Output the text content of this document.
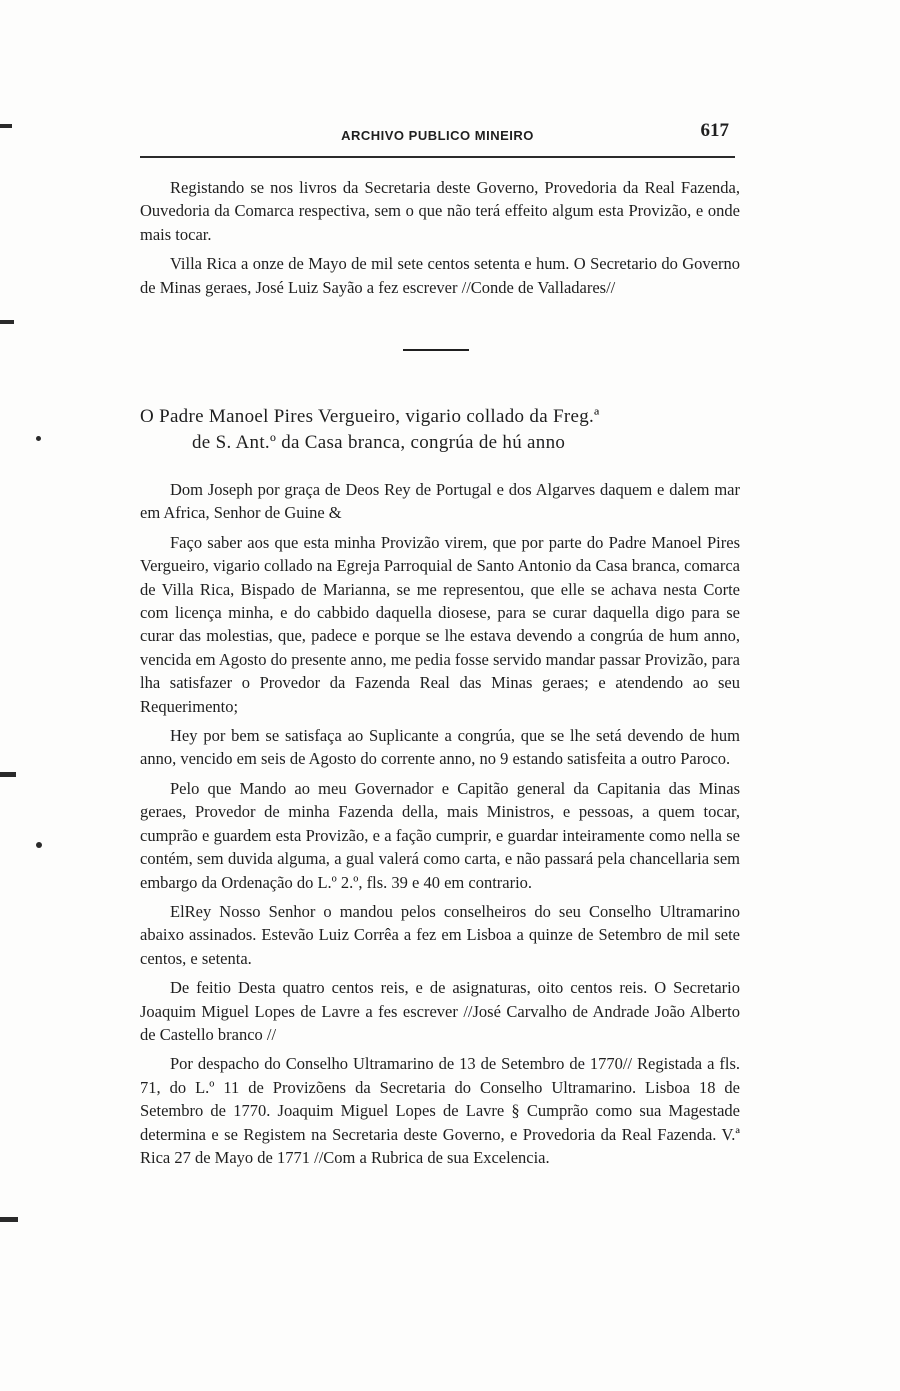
ARCHIVO PUBLICO MINEIRO	617

Registando se nos livros da Secretaria deste Governo, Provedoria da Real Fazenda, Ouvedoria da Comarca respectiva, sem o que não terá effeito algum esta Provizão, e onde mais tocar.

Villa Rica a onze de Mayo de mil sete centos setenta e hum. O Secretario do Governo de Minas geraes, José Luiz Sayão a fez escrever //Conde de Valladares//

O Padre Manoel Pires Vergueiro, vigario collado da Freg.ª
de S. Ant.º da Casa branca, congrúa de hú anno

Dom Joseph por graça de Deos Rey de Portugal e dos Algarves daquem e dalem mar em Africa, Senhor de Guine &

Faço saber aos que esta minha Provizão virem, que por parte do Padre Manoel Pires Vergueiro, vigario collado na Egreja Parroquial de Santo Antonio da Casa branca, comarca de Villa Rica, Bispado de Marianna, se me representou, que elle se achava nesta Corte com licença minha, e do cabbido daquella diosese, para se curar daquella digo para se curar das molestias, que, padece e porque se lhe estava devendo a congrúa de hum anno, vencida em Agosto do presente anno, me pedia fosse servido mandar passar Provizão, para lha satisfazer o Provedor da Fazenda Real das Minas geraes; e atendendo ao seu Requerimento;

Hey por bem se satisfaça ao Suplicante a congrúa, que se lhe setá devendo de hum anno, vencido em seis de Agosto do corrente anno, no 9 estando satisfeita a outro Paroco.

Pelo que Mando ao meu Governador e Capitão general da Capitania das Minas geraes, Provedor de minha Fazenda della, mais Ministros, e pessoas, a quem tocar, cumprão e guardem esta Provizão, e a fação cumprir, e guardar inteiramente como nella se contém, sem duvida alguma, a gual valerá como carta, e não passará pela chancellaria sem embargo da Ordenação do L.º 2.º, fls. 39 e 40 em contrario.

ElRey Nosso Senhor o mandou pelos conselheiros do seu Conselho Ultramarino abaixo assinados. Estevão Luiz Corrêa a fez em Lisboa a quinze de Setembro de mil sete centos, e setenta.

De feitio Desta quatro centos reis, e de asignaturas, oito centos reis. O Secretario Joaquim Miguel Lopes de Lavre a fes escrever //José Carvalho de Andrade João Alberto de Castello branco //

Por despacho do Conselho Ultramarino de 13 de Setembro de 1770// Registada a fls. 71, do L.º 11 de Provizõens da Secretaria do Conselho Ultramarino. Lisboa 18 de Setembro de 1770. Joaquim Miguel Lopes de Lavre § Cumprão como sua Magestade determina e se Registem na Secretaria deste Governo, e Provedoria da Real Fazenda. V.ª Rica 27 de Mayo de 1771 //Com a Rubrica de sua Excelencia.
